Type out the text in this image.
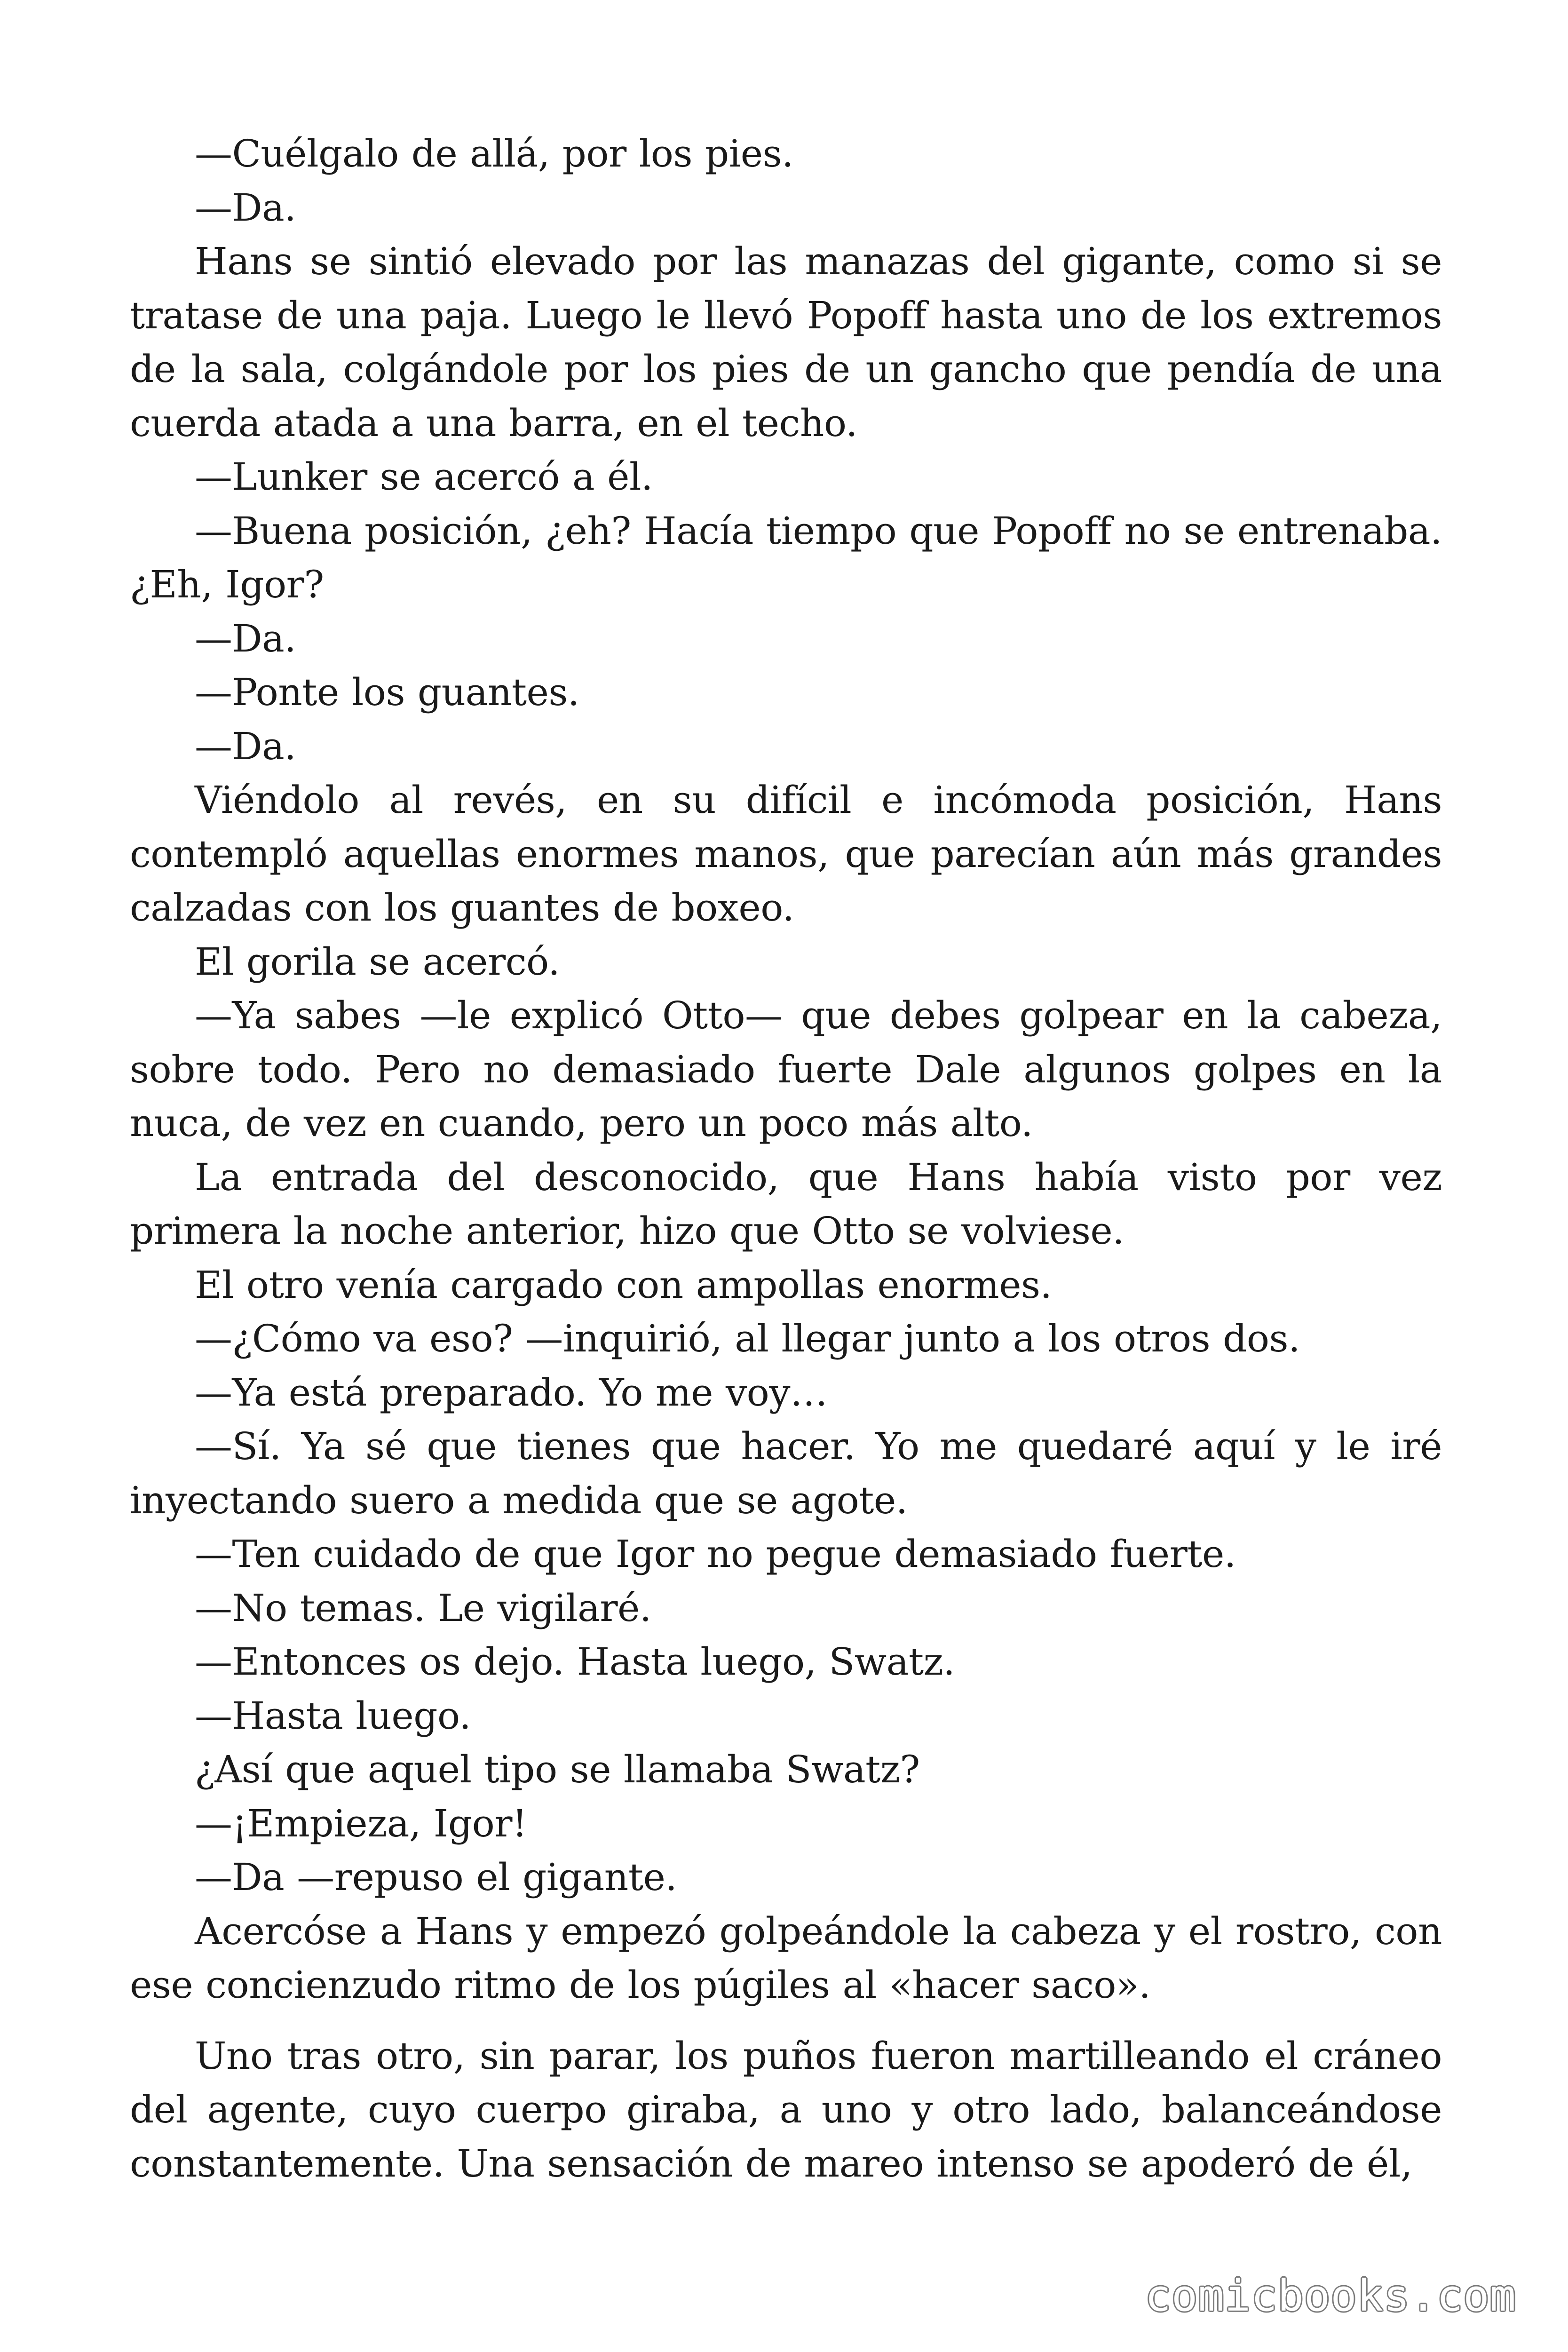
—Cuélgalo de allá, por los pies.

—Da.

Hans se sintió elevado por las manazas del gigante, como si se tratase de una paja. Luego le llevó Popoff hasta uno de los extremos de la sala, colgándole por los pies de un gancho que pendía de una cuerda atada a una barra, en el techo.

—Lunker se acercó a él.

—Buena posición, ¿eh? Hacía tiempo que Popoff no se entrenaba. ¿Eh, Igor?

—Da.

—Ponte los guantes.

—Da.

Viéndolo al revés, en su difícil e incómoda posición, Hans contempló aquellas enormes manos, que parecían aún más grandes calzadas con los guantes de boxeo.

El gorila se acercó.

—Ya sabes —le explicó Otto— que debes golpear en la cabeza, sobre todo. Pero no demasiado fuerte Dale algunos golpes en la nuca, de vez en cuando, pero un poco más alto.

La entrada del desconocido, que Hans había visto por vez primera la noche anterior, hizo que Otto se volviese.

El otro venía cargado con ampollas enormes.

—¿Cómo va eso? —inquirió, al llegar junto a los otros dos.

—Ya está preparado. Yo me voy…

—Sí. Ya sé que tienes que hacer. Yo me quedaré aquí y le iré inyectando suero a medida que se agote.

—Ten cuidado de que Igor no pegue demasiado fuerte.

—No temas. Le vigilaré.

—Entonces os dejo. Hasta luego, Swatz.

—Hasta luego.

¿Así que aquel tipo se llamaba Swatz?

—¡Empieza, Igor!

—Da —repuso el gigante.

Acercóse a Hans y empezó golpeándole la cabeza y el rostro, con ese concienzudo ritmo de los púgiles al «hacer saco».

Uno tras otro, sin parar, los puños fueron martilleando el cráneo del agente, cuyo cuerpo giraba, a uno y otro lado, balanceándose constantemente. Una sensación de mareo intenso se apoderó de él,

comicbooks.com
